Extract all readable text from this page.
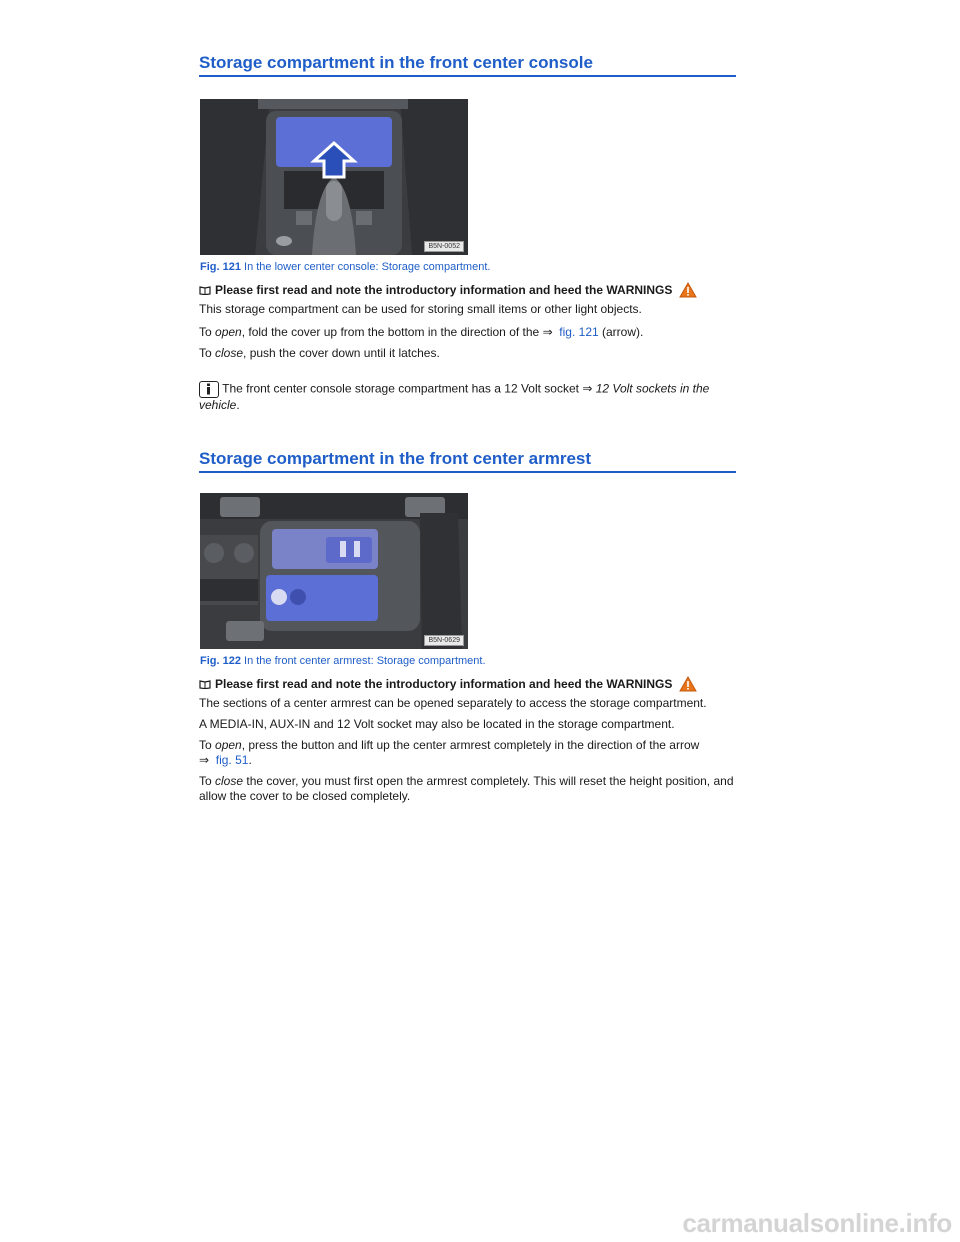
Storage compartment in the front center console
B5N-0052

Fig. 121 In the lower center console: Storage compartment.

Please first read and note the introductory information and heed the WARNINGS

This storage compartment can be used for storing small items or other light objects.

To open, fold the cover up from the bottom in the direction of the ⇒ fig. 121 (arrow).

To close, push the cover down until it latches.

The front center console storage compartment has a 12 Volt socket ⇒ 12 Volt sockets in the vehicle.

Storage compartment in the front center armrest
B5N-0629

Fig. 122 In the front center armrest: Storage compartment.

Please first read and note the introductory information and heed the WARNINGS

The sections of a center armrest can be opened separately to access the storage compartment.

A MEDIA-IN, AUX-IN and 12 Volt socket may also be located in the storage compartment.

To open, press the button and lift up the center armrest completely in the direction of the arrow
⇒ fig. 51.

To close the cover, you must first open the armrest completely. This will reset the height position, and allow the cover to be closed completely.

carmanualsonline.info
